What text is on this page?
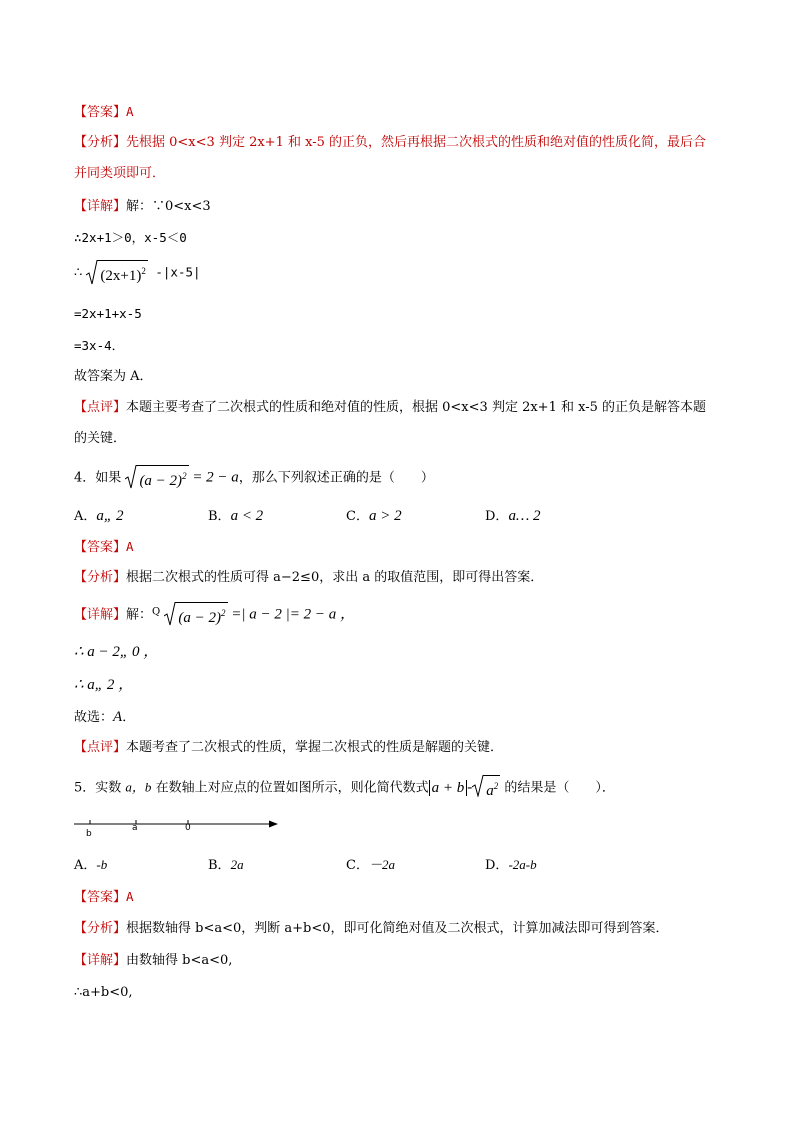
【答案】A
【分析】先根据 0<x<3 判定 2x+1 和 x-5 的正负，然后再根据二次根式的性质和绝对值的性质化简，最后合
并同类项即可．
【详解】解：∵0<x<3
∴2x+1＞0，x-5＜0
∴
$(2x+1)^2$ -|x-5|
=2x+1+x-5
=3x-4．
故答案为 A．
【点评】本题主要考查了二次根式的性质和绝对值的性质，根据 0<x<3 判定 2x+1 和 x-5 的正负是解答本题
的关键．
4．如果 $(a - 2)^2 = 2 - a$，那么下列叙述正确的是（　　）
A．a„ 2	B．a < 2	C．a > 2	D．a… 2
【答案】A
【分析】根据二次根式的性质可得 a−2≤0，求出 a 的取值范围，即可得出答案．
【详解】解：$^Q$ $(a - 2)^2$ =| a − 2 |= 2 − a ，
∴ a − 2„ 0 ，
∴ a„ 2 ，
故选：A．
【点评】本题考查了二次根式的性质，掌握二次根式的性质是解题的关键．
5．实数 a，b 在数轴上对应点的位置如图所示，则化简代数式 $a + b - a^2$ 的结果是（　　）．
b
a	0
A．-b	B．2a	C．－2a	D．-2a-b
【答案】A
【分析】根据数轴得 b<a<0，判断 a+b<0，即可化简绝对值及二次根式，计算加减法即可得到答案．
【详解】由数轴得 b<a<0,
∴a+b<0,
